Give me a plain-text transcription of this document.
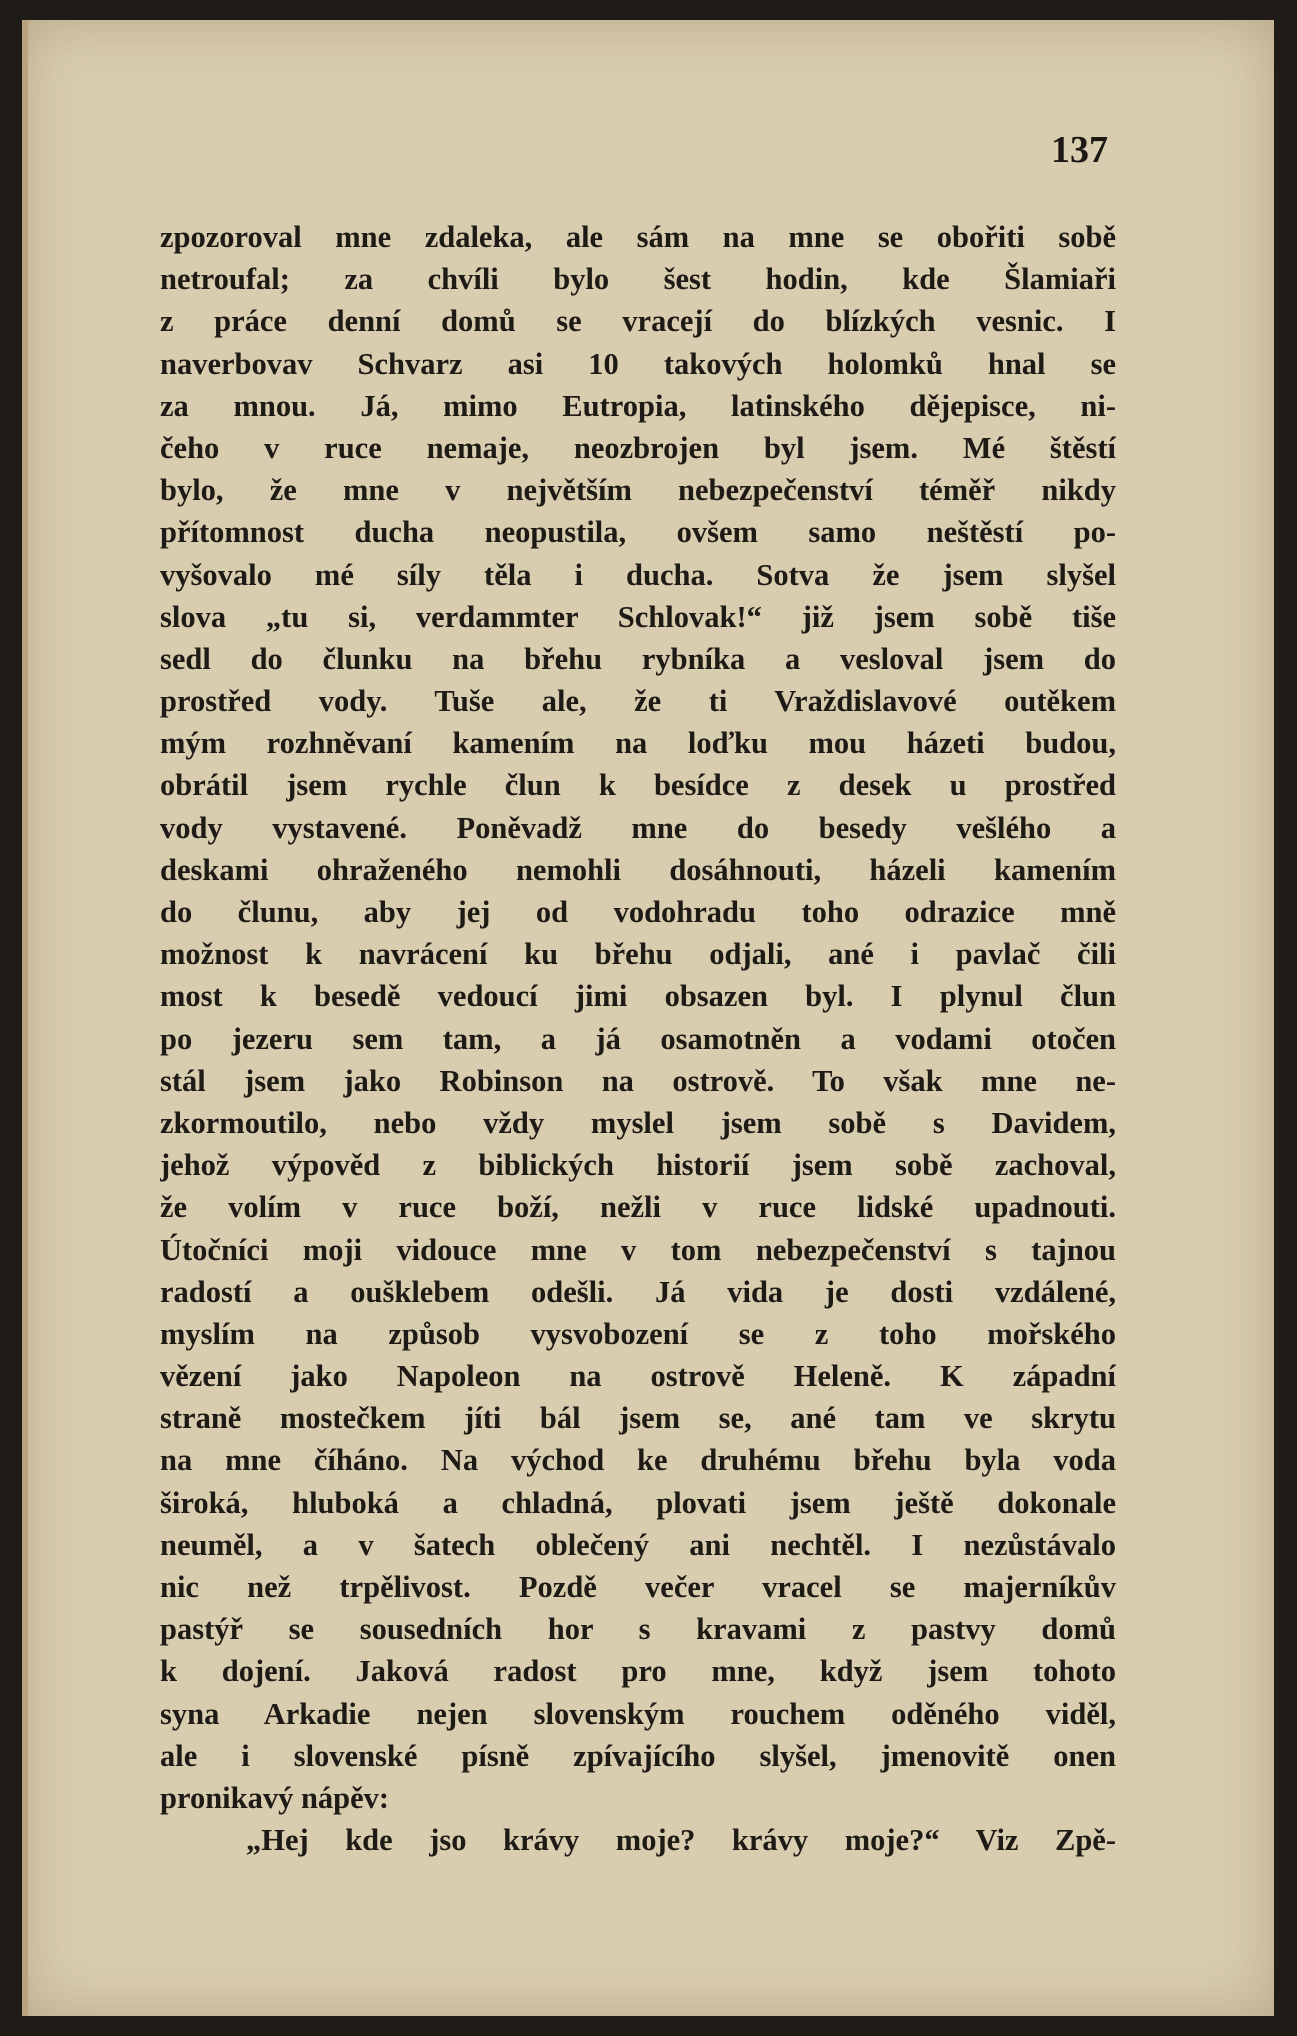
137
zpozoroval mne zdaleka, ale sám na mne se obořiti sobě
netroufal; za chvíli bylo šest hodin, kde Šlamiaři
z práce denní domů se vracejí do blízkých vesnic. I
naverbovav Schvarz asi 10 takových holomků hnal se
za mnou. Já, mimo Eutropia, latinského dějepisce, ni-
čeho v ruce nemaje, neozbrojen byl jsem. Mé štěstí
bylo, že mne v největším nebezpečenství téměř nikdy
přítomnost ducha neopustila, ovšem samo neštěstí po-
vyšovalo mé síly těla i ducha. Sotva že jsem slyšel
slova „tu si, verdammter Schlovak!“ již jsem sobě tiše
sedl do člunku na břehu rybníka a vesloval jsem do
prostřed vody. Tuše ale, že ti Vraždislavové outěkem
mým rozhněvaní kamením na loďku mou házeti budou,
obrátil jsem rychle člun k besídce z desek u prostřed
vody vystavené. Poněvadž mne do besedy vešlého a
deskami ohraženého nemohli dosáhnouti, házeli kamením
do člunu, aby jej od vodohradu toho odrazice mně
možnost k navrácení ku břehu odjali, ané i pavlač čili
most k besedě vedoucí jimi obsazen byl. I plynul člun
po jezeru sem tam, a já osamotněn a vodami otočen
stál jsem jako Robinson na ostrově. To však mne ne-
zkormoutilo, nebo vždy myslel jsem sobě s Davidem,
jehož výpověd z biblických historií jsem sobě zachoval,
že volím v ruce boží, nežli v ruce lidské upadnouti.
Útočníci moji vidouce mne v tom nebezpečenství s tajnou
radostí a oušklebem odešli. Já vida je dosti vzdálené,
myslím na způsob vysvobození se z toho mořského
vězení jako Napoleon na ostrově Heleně. K západní
straně mostečkem jíti bál jsem se, ané tam ve skrytu
na mne číháno. Na východ ke druhému břehu byla voda
široká, hluboká a chladná, plovati jsem ještě dokonale
neuměl, a v šatech oblečený ani nechtěl. I nezůstávalo
nic než trpělivost. Pozdě večer vracel se majerníkův
pastýř se sousedních hor s kravami z pastvy domů
k dojení. Jaková radost pro mne, když jsem tohoto
syna Arkadie nejen slovenským rouchem oděného viděl,
ale i slovenské písně zpívajícího slyšel, jmenovitě onen
pronikavý nápěv:
„Hej kde jso krávy moje? krávy moje?“ Viz Zpě-
